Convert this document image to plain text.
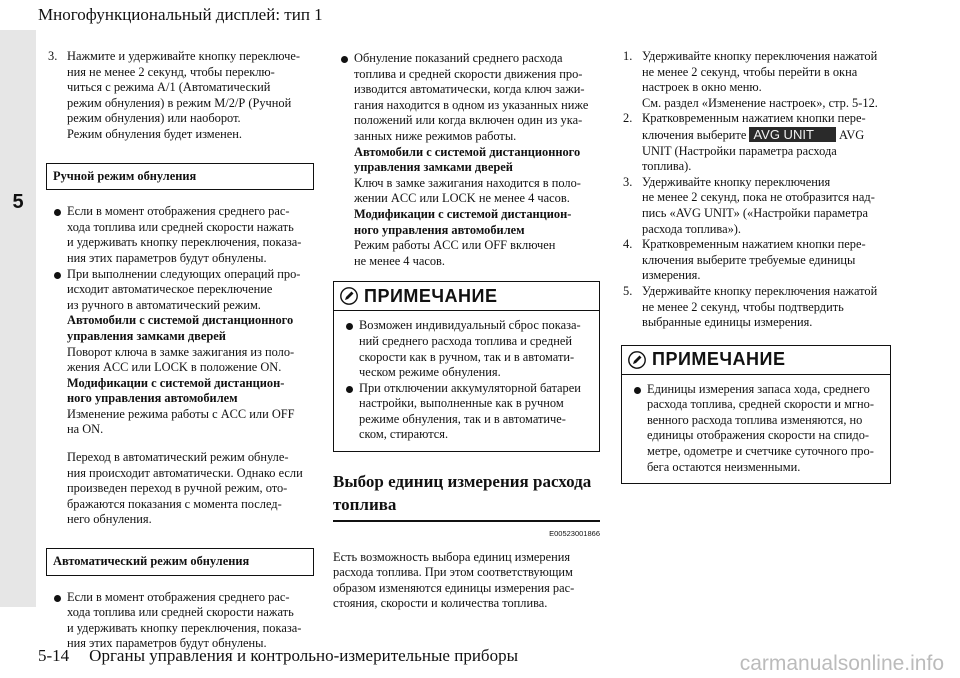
Многофункциональный дисплей: тип 1
5
3. Нажмите и удерживайте кнопку переключе-

ния не менее 2 секунд, чтобы переклю-

читься с режима А/1 (Автоматический

режим обнуления) в режим М/2/Р (Ручной

режим обнуления) или наоборот.

Режим обнуления будет изменен.

Ручной режим обнуления

Если в момент отображения среднего рас-

хода топлива или средней скорости нажать

и удерживать кнопку переключения, показа-

ния этих параметров будут обнулены.

При выполнении следующих операций про-

исходит автоматическое переключение

из ручного в автоматический режим.

Автомобили с системой дистанционного

управления замками дверей

Поворот ключа в замке зажигания из поло-

жения ACC или LOCK в положение ON.

Модификации с системой дистанцион-

ного управления автомобилем

Изменение режима работы с ACC или OFF

на ON.

Переход в автоматический режим обнуле-

ния происходит автоматически. Однако если

произведен переход в ручной режим, ото-

бражаются показания с момента послед-

него обнуления.

Автоматический режим обнуления

Если в момент отображения среднего рас-

хода топлива или средней скорости нажать

и удерживать кнопку переключения, показа-

ния этих параметров будут обнулены.

Обнуление показаний среднего расхода

топлива и средней скорости движения про-

изводится автоматически, когда ключ зажи-

гания находится в одном из указанных ниже

положений или когда включен один из ука-

занных ниже режимов работы.

Автомобили с системой дистанционного

управления замками дверей

Ключ в замке зажигания находится в поло-

жении ACC или LOCK не менее 4 часов.

Модификации с системой дистанцион-

ного управления автомобилем

Режим работы ACC или OFF включен

не менее 4 часов.

ПРИМЕЧАНИЕ

Возможен индивидуальный сброс показа-

ний среднего расхода топлива и средней

скорости как в ручном, так и в автомати-

ческом режиме обнуления.

При отключении аккумуляторной батареи

настройки, выполненные как в ручном

режиме обнуления, так и в автоматиче-

ском, стираются.

Выбор единиц измерения расхода

топлива

E00523001866

Есть возможность выбора единиц измерения

расхода топлива. При этом соответствующим

образом изменяются единицы измерения рас-

стояния, скорости и количества топлива.

1. Удерживайте кнопку переключения нажатой

не менее 2 секунд, чтобы перейти в окна

настроек в окно меню.

См. раздел «Изменение настроек», стр. 5-12.

2. Кратковременным нажатием кнопки пере-

ключения выберите AVG UNIT AVG

UNIT (Настройки параметра расхода

топлива).

3. Удерживайте кнопку переключения

не менее 2 секунд, пока не отобразится над-

пись «AVG UNIT» («Настройки параметра

расхода топлива»).

4. Кратковременным нажатием кнопки пере-

ключения выберите требуемые единицы

измерения.

5. Удерживайте кнопку переключения нажатой

не менее 2 секунд, чтобы подтвердить

выбранные единицы измерения.

ПРИМЕЧАНИЕ

Единицы измерения запаса хода, среднего

расхода топлива, средней скорости и мгно-

венного расхода топлива изменяются, но

единицы отображения скорости на спидо-

метре, одометре и счетчике суточного про-

бега остаются неизменными.

5-14 Органы управления и контрольно-измерительные приборы	carmanualsonline.info
